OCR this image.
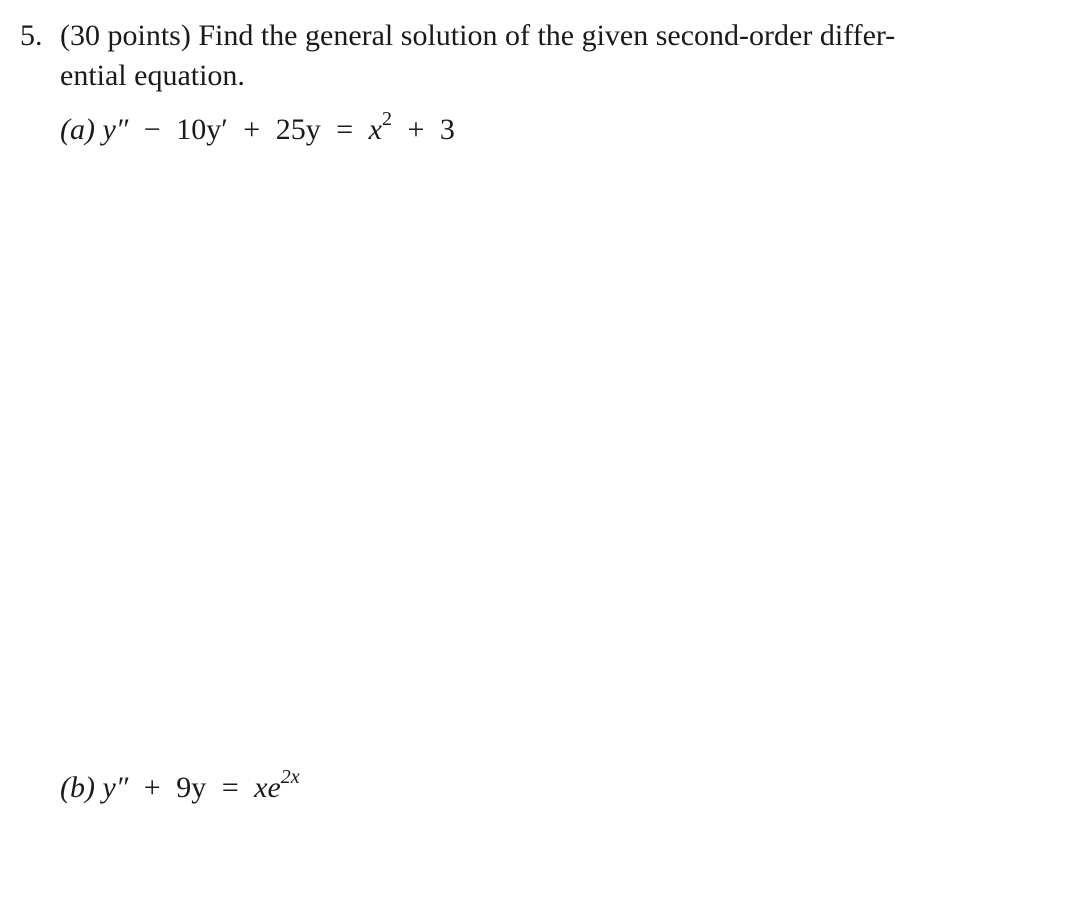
5. (30 points) Find the general solution of the given second-order differ-
ential equation.
(a) $y'' - 10y' + 25y = x^2 + 3$
(b) $y'' + 9y = xe^{2x}$
